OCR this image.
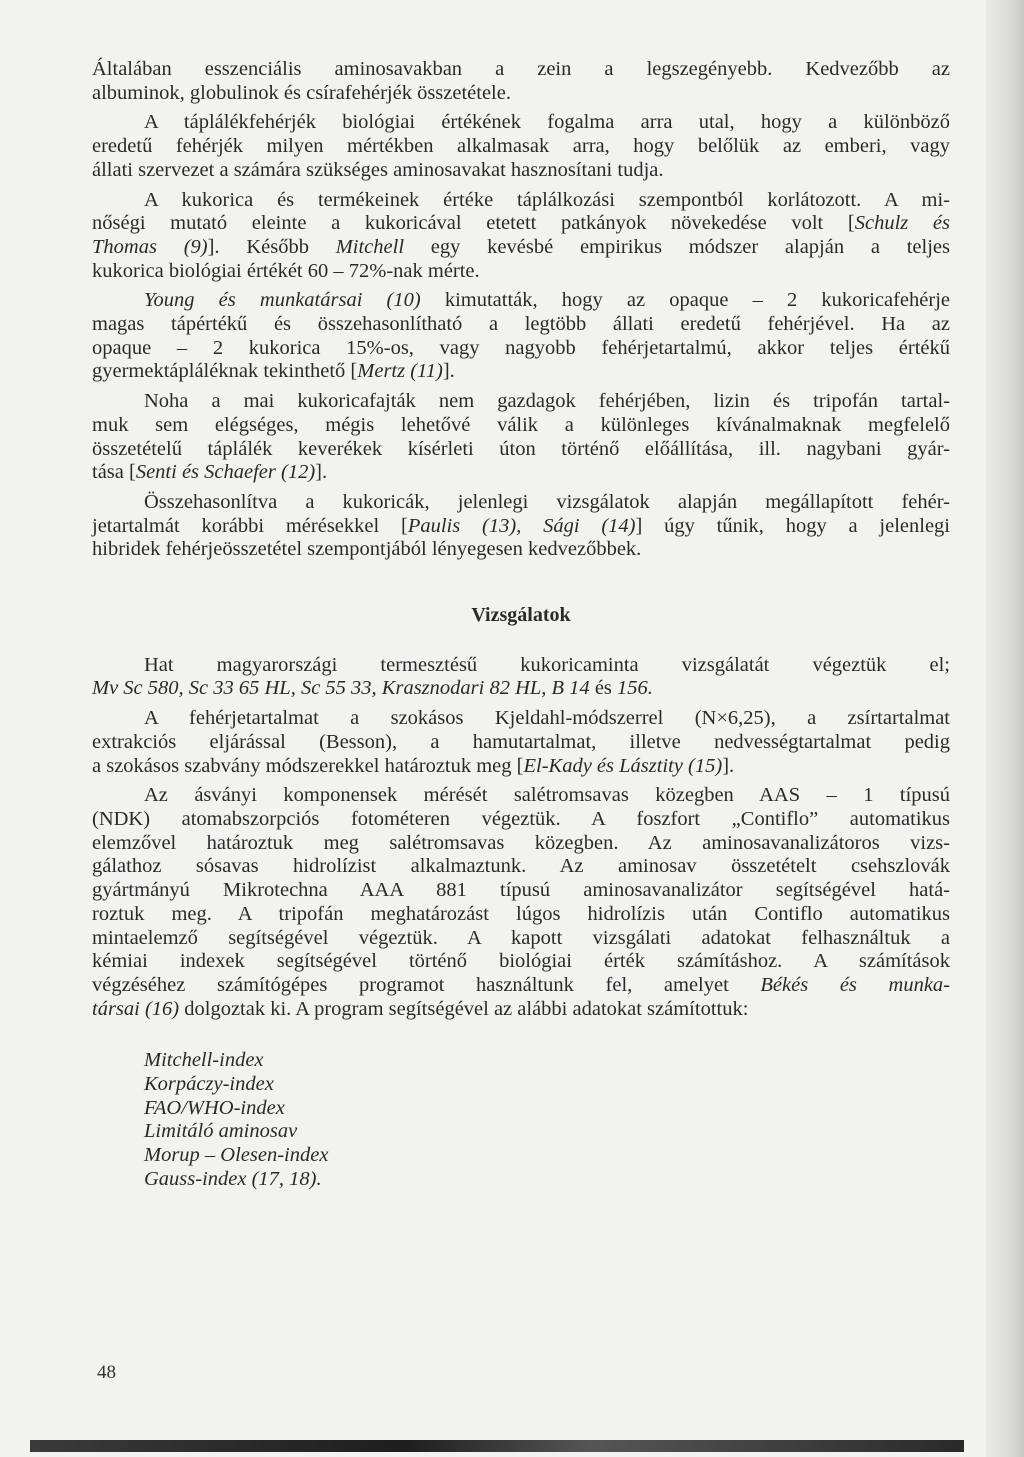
Általában esszenciális aminosavakban a zein a legszegényebb. Kedvezőbb az
albuminok, globulinok és csírafehérjék összetétele.

A táplálékfehérjék biológiai értékének fogalma arra utal, hogy a különböző
eredetű fehérjék milyen mértékben alkalmasak arra, hogy belőlük az emberi, vagy
állati szervezet a számára szükséges aminosavakat hasznosítani tudja.

A kukorica és termékeinek értéke táplálkozási szempontból korlátozott. A mi-
nőségi mutató eleinte a kukoricával etetett patkányok növekedése volt [Schulz és
Thomas (9)]. Később Mitchell egy kevésbé empirikus módszer alapján a teljes
kukorica biológiai értékét 60 – 72%-nak mérte.

Young és munkatársai (10) kimutatták, hogy az opaque – 2 kukoricafehérje
magas tápértékű és összehasonlítható a legtöbb állati eredetű fehérjével. Ha az
opaque – 2 kukorica 15%-os, vagy nagyobb fehérjetartalmú, akkor teljes értékű
gyermektápláléknak tekinthető [Mertz (11)].

Noha a mai kukoricafajták nem gazdagok fehérjében, lizin és tripofán tartal-
muk sem elégséges, mégis lehetővé válik a különleges kívánalmaknak megfelelő
összetételű táplálék keverékek kísérleti úton történő előállítása, ill. nagybani gyár-
tása [Senti és Schaefer (12)].

Összehasonlítva a kukoricák, jelenlegi vizsgálatok alapján megállapított fehér-
jetartalmát korábbi mérésekkel [Paulis (13), Sági (14)] úgy tűnik, hogy a jelenlegi
hibridek fehérjeösszetétel szempontjából lényegesen kedvezőbbek.

Vizsgálatok

Hat magyarországi termesztésű kukoricaminta vizsgálatát végeztük el;
Mv Sc 580, Sc 33 65 HL, Sc 55 33, Krasznodari 82 HL, B 14 és 156.

A fehérjetartalmat a szokásos Kjeldahl-módszerrel (N×6,25), a zsírtartalmat
extrakciós eljárással (Besson), a hamutartalmat, illetve nedvességtartalmat pedig
a szokásos szabvány módszerekkel határoztuk meg [El-Kady és Lásztity (15)].

Az ásványi komponensek mérését salétromsavas közegben AAS – 1 típusú
(NDK) atomabszorpciós fotométeren végeztük. A foszfort „Contiflo” automatikus
elemzővel határoztuk meg salétromsavas közegben. Az aminosavanalizátoros vizs-
gálathoz sósavas hidrolízist alkalmaztunk. Az aminosav összetételt csehszlovák
gyártmányú Mikrotechna AAA 881 típusú aminosavanalizátor segítségével hatá-
roztuk meg. A tripofán meghatározást lúgos hidrolízis után Contiflo automatikus
mintaelemző segítségével végeztük. A kapott vizsgálati adatokat felhasználtuk a
kémiai indexek segítségével történő biológiai érték számításhoz. A számítások
végzéséhez számítógépes programot használtunk fel, amelyet Békés és munka-
társai (16) dolgoztak ki. A program segítségével az alábbi adatokat számítottuk:

Mitchell-index
Korpáczy-index
FAO/WHO-index
Limitáló aminosav
Morup – Olesen-index
Gauss-index (17, 18).
48
